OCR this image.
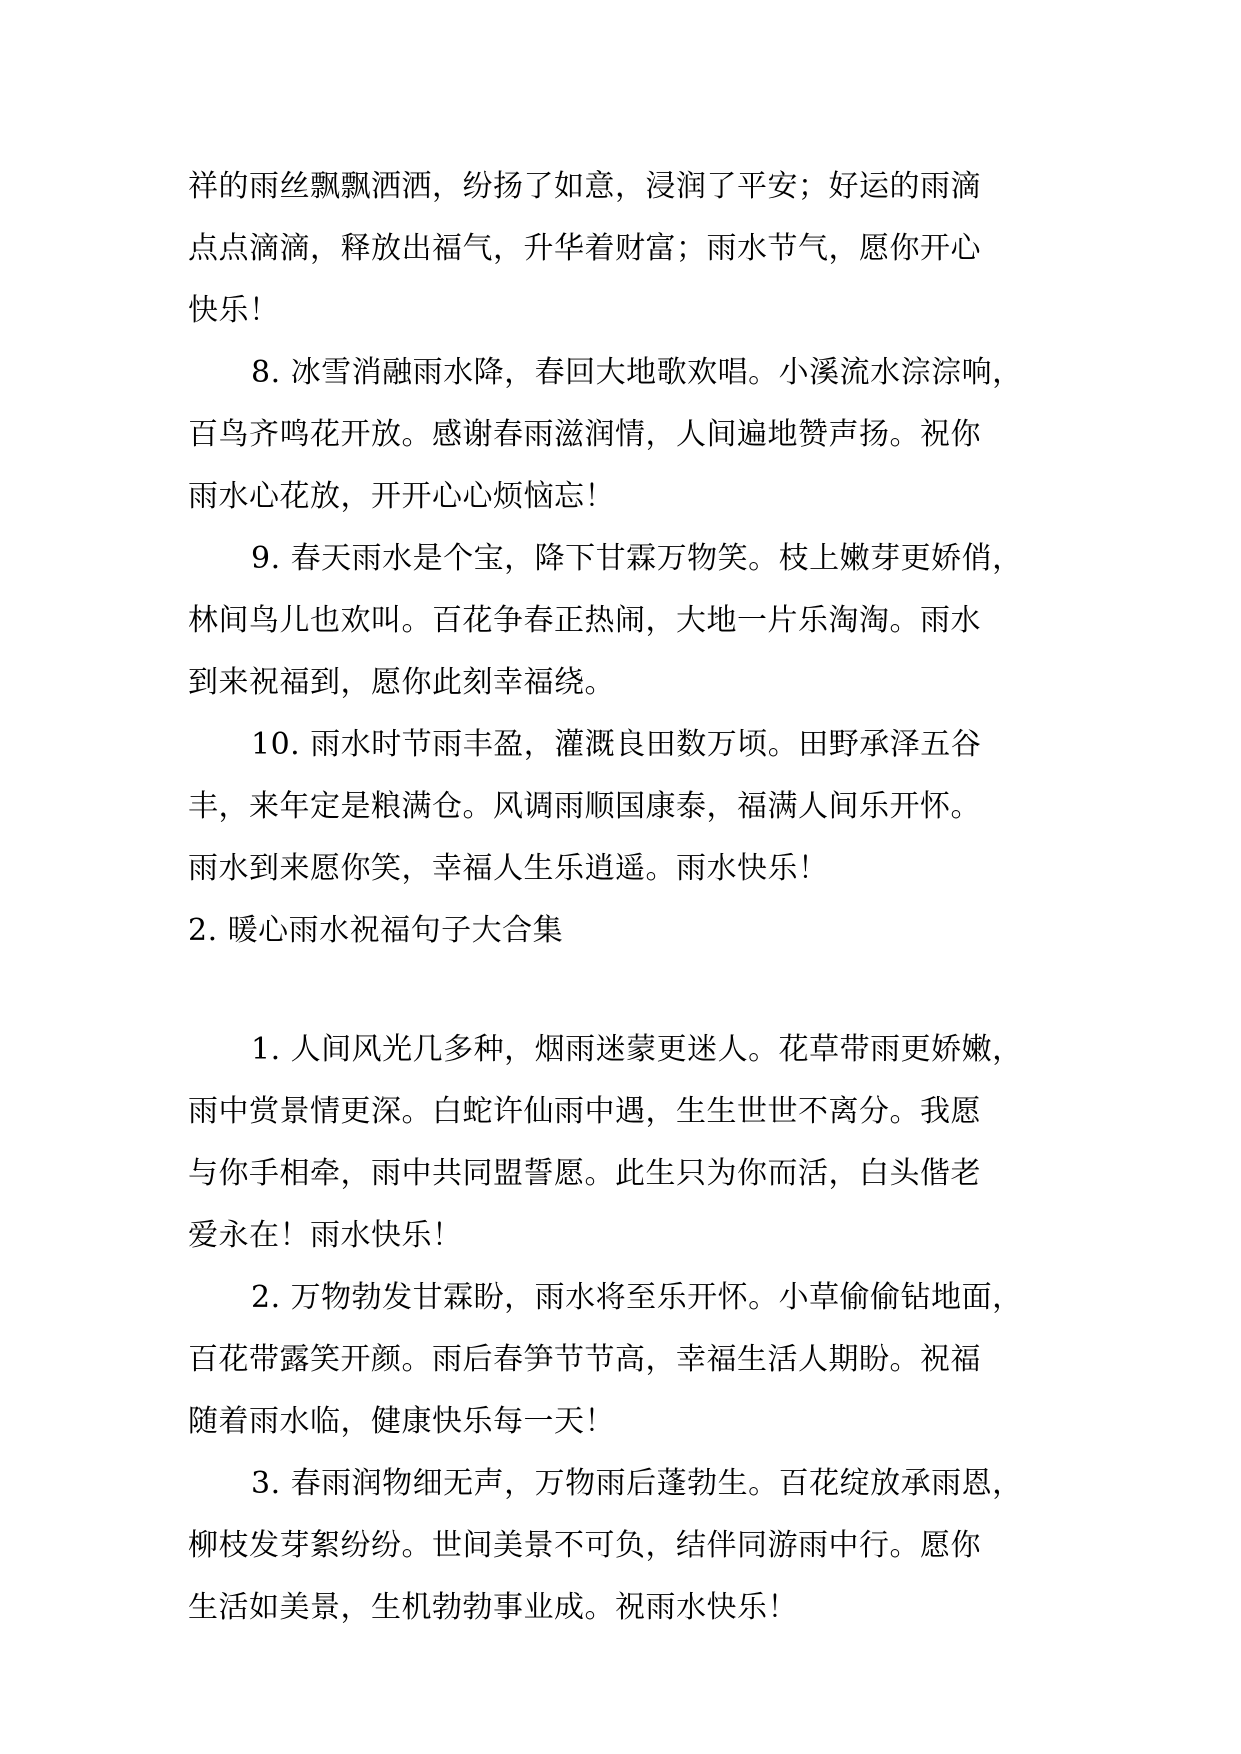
祥的雨丝飘飘洒洒，纷扬了如意，浸润了平安；好运的雨滴
点点滴滴，释放出福气，升华着财富；雨水节气，愿你开心
快乐！
8. 冰雪消融雨水降，春回大地歌欢唱。小溪流水淙淙响，
百鸟齐鸣花开放。感谢春雨滋润情，人间遍地赞声扬。祝你
雨水心花放，开开心心烦恼忘！
9. 春天雨水是个宝，降下甘霖万物笑。枝上嫩芽更娇俏，
林间鸟儿也欢叫。百花争春正热闹，大地一片乐淘淘。雨水
到来祝福到，愿你此刻幸福绕。
10. 雨水时节雨丰盈，灌溉良田数万顷。田野承泽五谷
丰，来年定是粮满仓。风调雨顺国康泰，福满人间乐开怀。
雨水到来愿你笑，幸福人生乐逍遥。雨水快乐！
2. 暖心雨水祝福句子大合集
1. 人间风光几多种，烟雨迷蒙更迷人。花草带雨更娇嫩，
雨中赏景情更深。白蛇许仙雨中遇，生生世世不离分。我愿
与你手相牵，雨中共同盟誓愿。此生只为你而活，白头偕老
爱永在！雨水快乐！
2. 万物勃发甘霖盼，雨水将至乐开怀。小草偷偷钻地面，
百花带露笑开颜。雨后春笋节节高，幸福生活人期盼。祝福
随着雨水临，健康快乐每一天！
3. 春雨润物细无声，万物雨后蓬勃生。百花绽放承雨恩，
柳枝发芽絮纷纷。世间美景不可负，结伴同游雨中行。愿你
生活如美景，生机勃勃事业成。祝雨水快乐！
